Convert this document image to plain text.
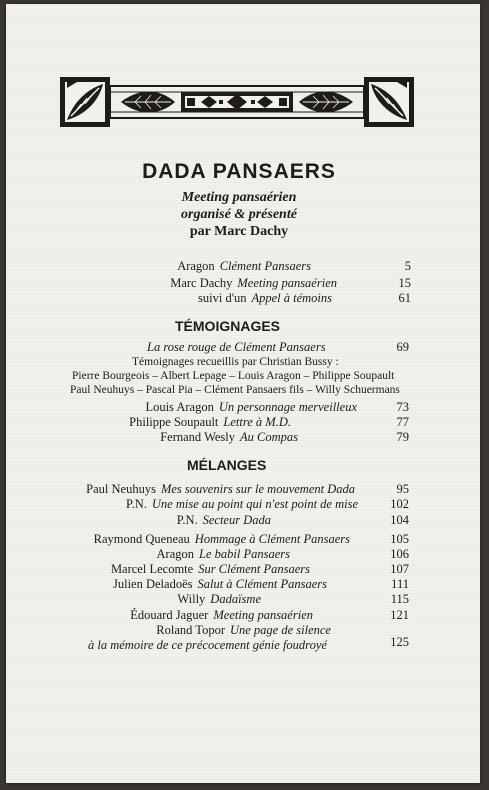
DADA PANSAERS

Meeting pansaérien

organisé & présenté

par Marc Dachy

Aragon Clément Pansaers	5
Marc Dachy Meeting pansaérien	15
suivi d'un Appel à témoins	61
TÉMOIGNAGES
La rose rouge de Clément Pansaers	69
Témoignages recueillis par Christian Bussy :
Pierre Bourgeois – Albert Lepage – Louis Aragon – Philippe Soupault
Paul Neuhuys – Pascal Pia – Clément Pansaers fils – Willy Schuermans
Louis Aragon Un personnage merveilleux	73
Philippe Soupault Lettre à M.D.	77
Fernand Wesly Au Compas	79
MÉLANGES
Paul Neuhuys Mes souvenirs sur le mouvement Dada	95
P.N. Une mise au point qui n'est point de mise	102
P.N. Secteur Dada	104
Raymond Queneau Hommage à Clément Pansaers	105
Aragon Le babil Pansaers	106
Marcel Lecomte Sur Clément Pansaers	107
Julien Deladoës Salut à Clément Pansaers	111
Willy Dadaïsme	115
Édouard Jaguer Meeting pansaérien	121
Roland Topor Une page de silence
à la mémoire de ce précocement génie foudroyé	125
